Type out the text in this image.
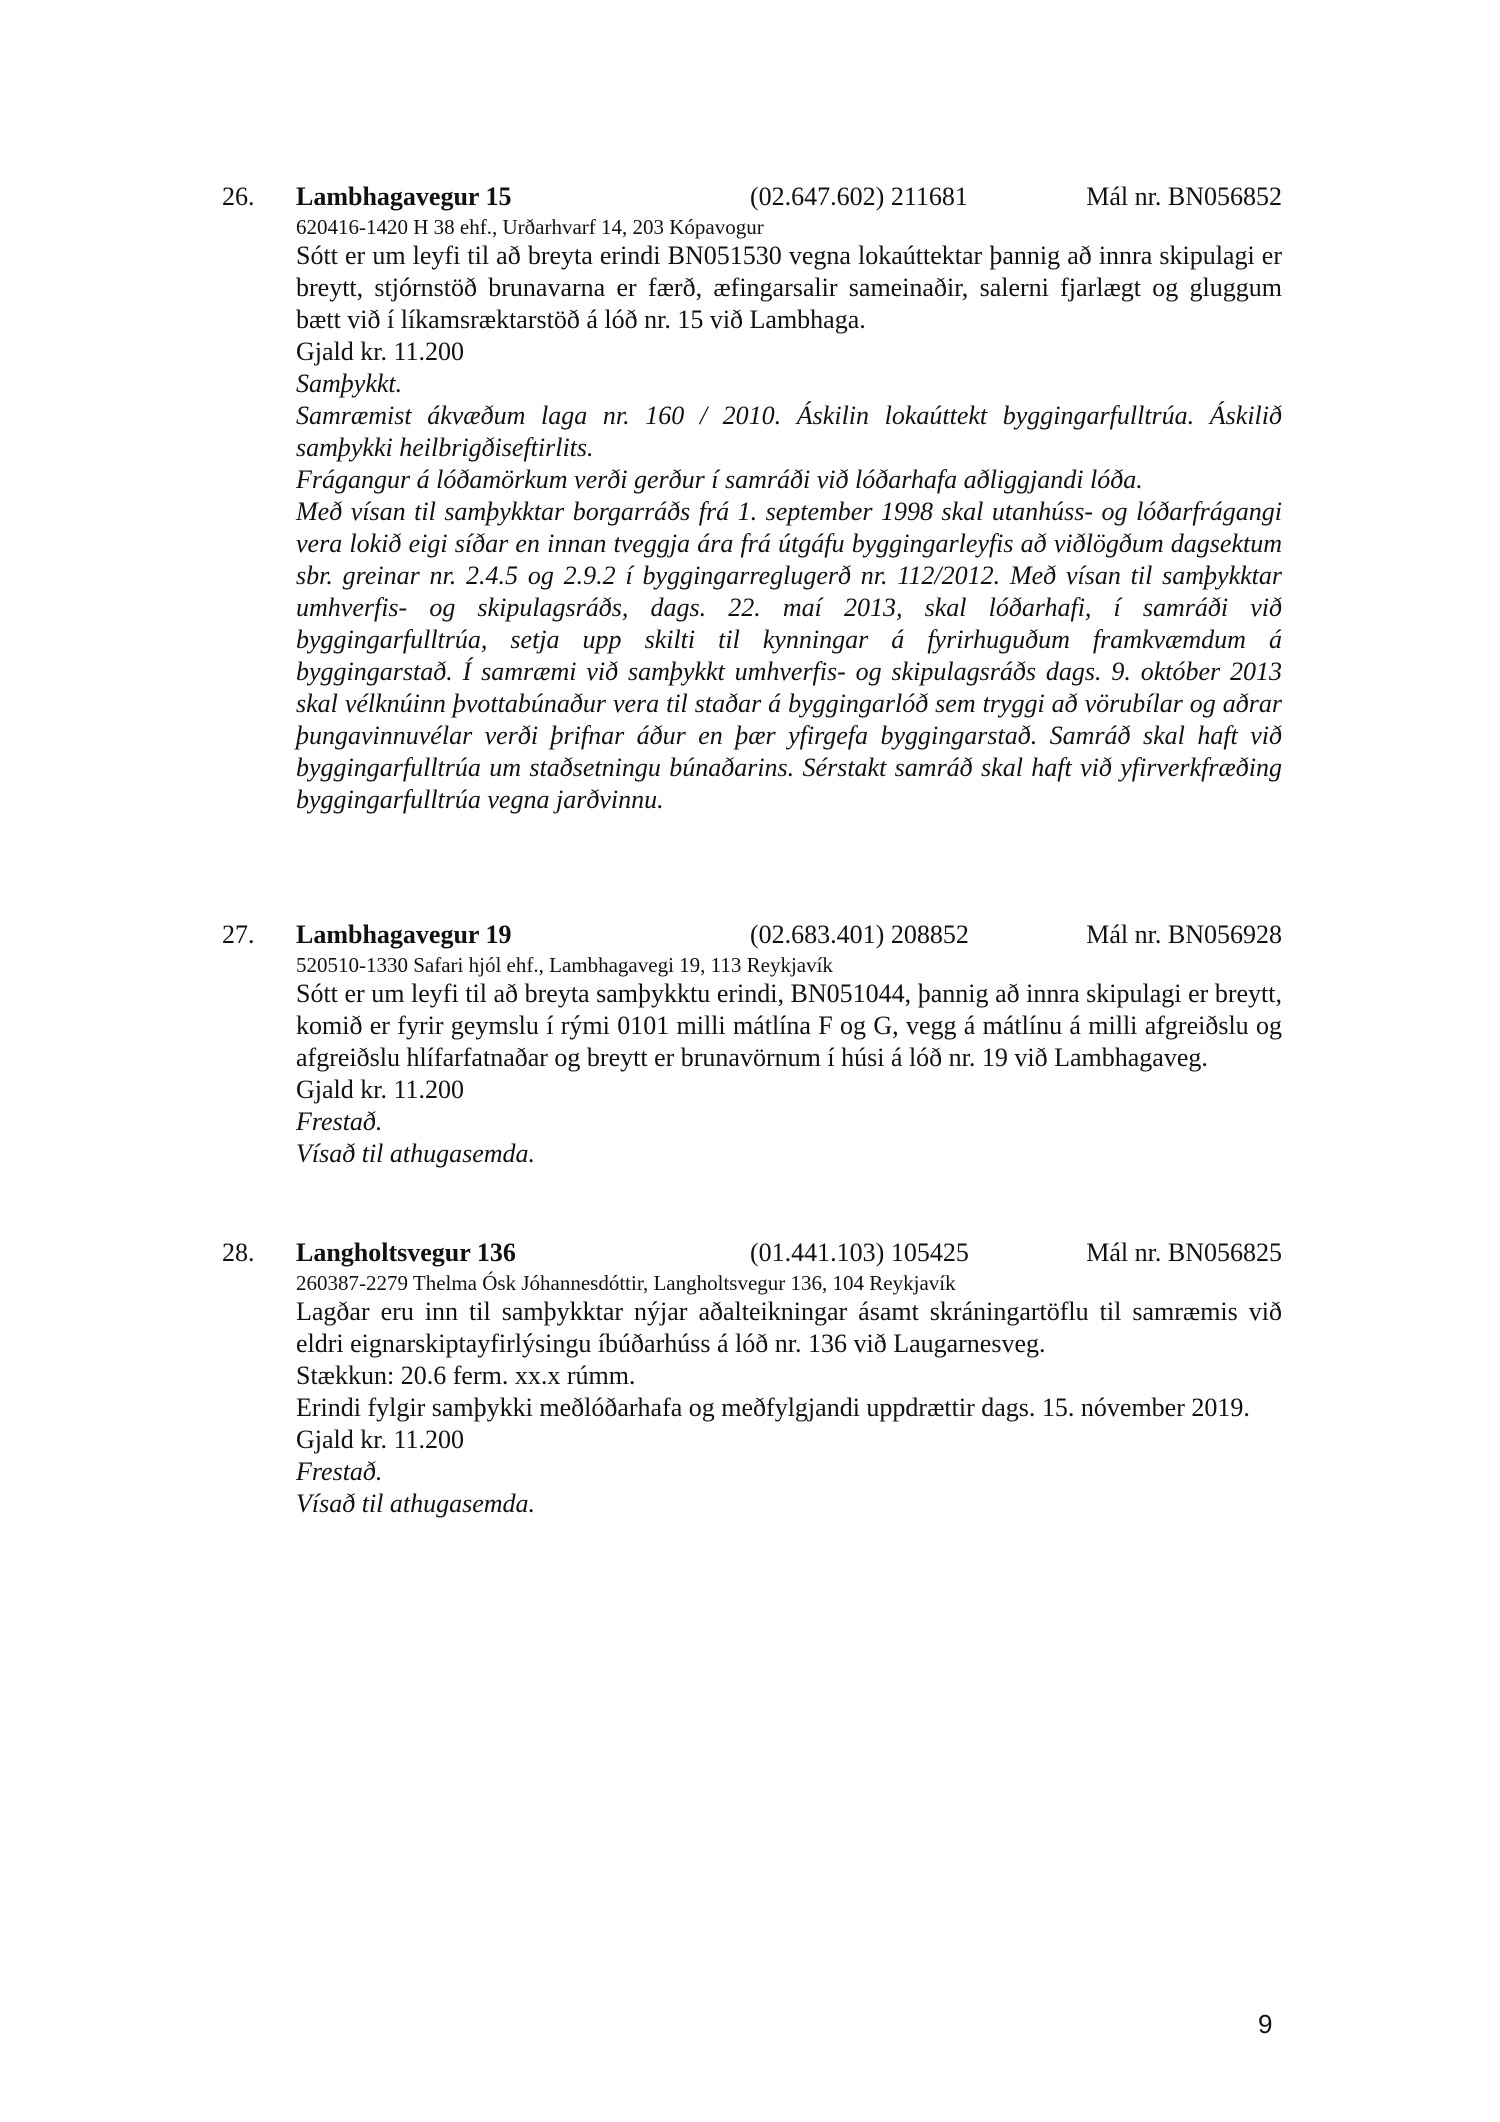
26. Lambhagavegur 15	(02.647.602) 211681	Mál nr. BN056852
620416-1420 H 38 ehf., Urðarhvarf 14, 203 Kópavogur

Sótt er um leyfi til að breyta erindi BN051530 vegna lokaúttektar þannig að innra skipulagi er breytt, stjórnstöð brunavarna er færð, æfingarsalir sameinaðir, salerni fjarlægt og gluggum bætt við í líkamsræktarstöð á lóð nr. 15 við Lambhaga.

Gjald kr. 11.200

Samþykkt.

Samræmist ákvæðum laga nr. 160 / 2010. Áskilin lokaúttekt byggingarfulltrúa. Áskilið samþykki heilbrigðiseftirlits.

Frágangur á lóðamörkum verði gerður í samráði við lóðarhafa aðliggjandi lóða.

Með vísan til samþykktar borgarráðs frá 1. september 1998 skal utanhúss- og lóðarfrágangi vera lokið eigi síðar en innan tveggja ára frá útgáfu byggingarleyfis að viðlögðum dagsektum sbr. greinar nr. 2.4.5 og 2.9.2 í byggingarreglugerð nr. 112/2012. Með vísan til samþykktar umhverfis- og skipulagsráðs, dags. 22. maí 2013, skal lóðarhafi, í samráði við byggingarfulltrúa, setja upp skilti til kynningar á fyrirhuguðum framkvæmdum á byggingarstað. Í samræmi við samþykkt umhverfis- og skipulagsráðs dags. 9. október 2013 skal vélknúinn þvottabúnaður vera til staðar á byggingarlóð sem tryggi að vörubílar og aðrar þungavinnuvélar verði þrifnar áður en þær yfirgefa byggingarstað. Samráð skal haft við byggingarfulltrúa um staðsetningu búnaðarins. Sérstakt samráð skal haft við yfirverkfræðing byggingarfulltrúa vegna jarðvinnu.

27. Lambhagavegur 19	(02.683.401) 208852	Mál nr. BN056928
520510-1330 Safari hjól ehf., Lambhagavegi 19, 113 Reykjavík

Sótt er um leyfi til að breyta samþykktu erindi, BN051044, þannig að innra skipulagi er breytt, komið er fyrir geymslu í rými 0101 milli mátlína F og G, vegg á mátlínu á milli afgreiðslu og afgreiðslu hlífarfatnaðar og breytt er brunavörnum í húsi á lóð nr. 19 við Lambhagaveg.

Gjald kr. 11.200

Frestað.

Vísað til athugasemda.

28. Langholtsvegur 136	(01.441.103) 105425	Mál nr. BN056825
260387-2279 Thelma Ósk Jóhannesdóttir, Langholtsvegur 136, 104 Reykjavík

Lagðar eru inn til samþykktar nýjar aðalteikningar ásamt skráningartöflu til samræmis við eldri eignarskiptayfirlýsingu íbúðarhúss á lóð nr. 136 við Laugarnesveg.

Stækkun: 20.6 ferm. xx.x rúmm.

Erindi fylgir samþykki meðlóðarhafa og meðfylgjandi uppdrættir dags. 15. nóvember 2019.

Gjald kr. 11.200

Frestað.

Vísað til athugasemda.

9
